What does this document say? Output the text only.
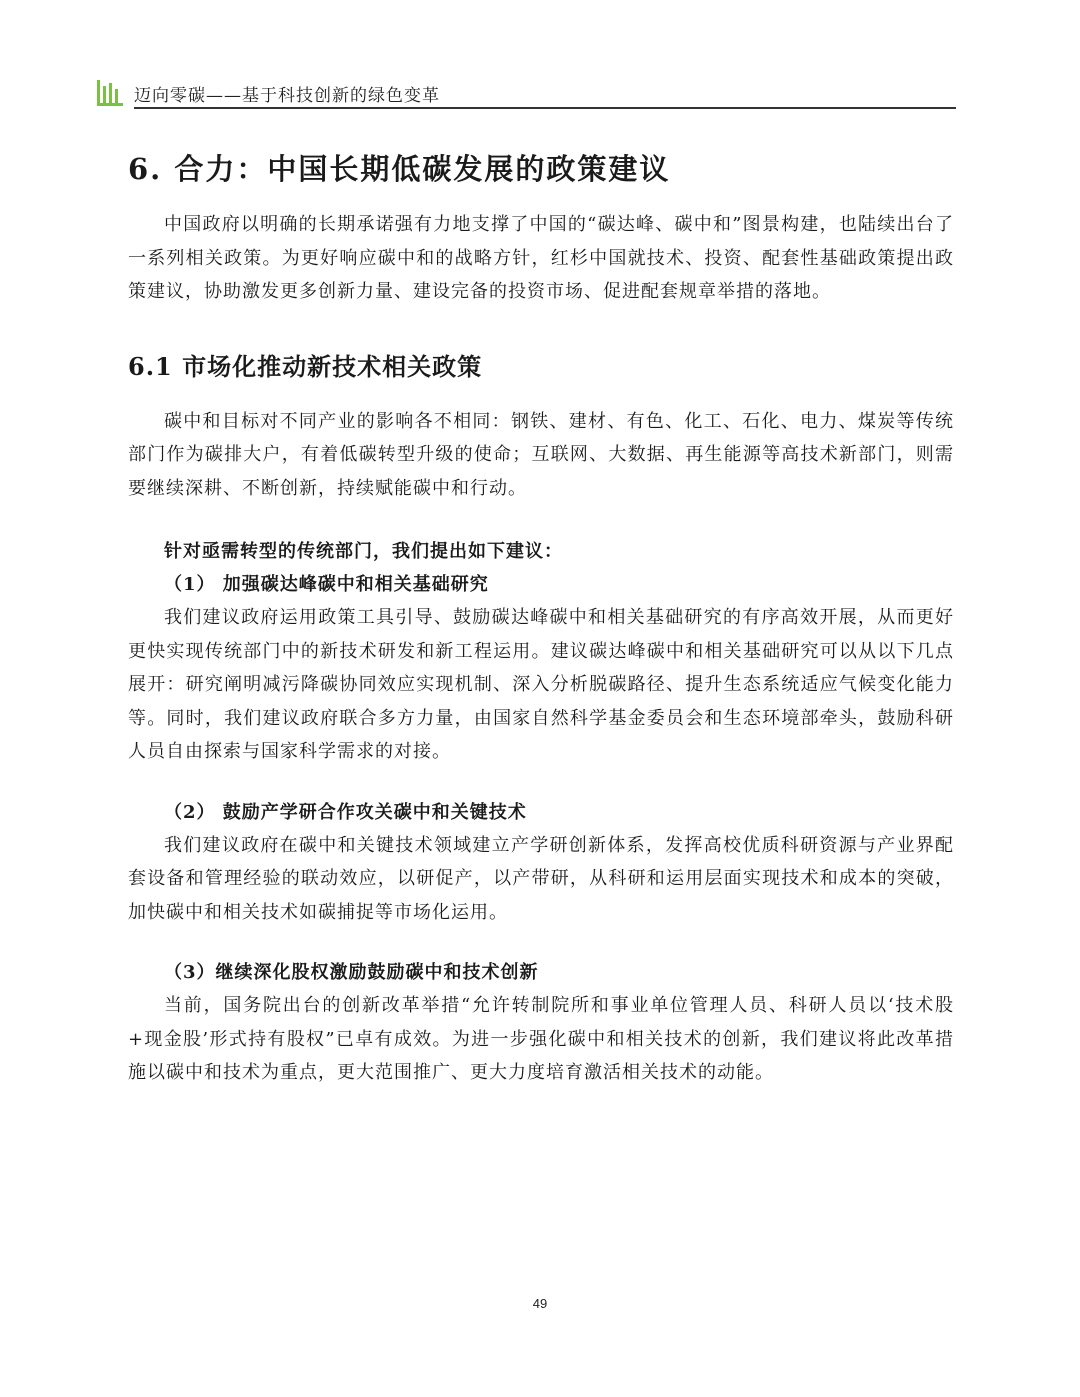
迈向零碳——基于科技创新的绿色变革
6. 合力：中国长期低碳发展的政策建议

中国政府以明确的长期承诺强有力地支撑了中国的“碳达峰、碳中和”图景构建，也陆续出台了一系列相关政策。为更好响应碳中和的战略方针，红杉中国就技术、投资、配套性基础政策提出政策建议，协助激发更多创新力量、建设完备的投资市场、促进配套规章举措的落地。

6.1 市场化推动新技术相关政策

碳中和目标对不同产业的影响各不相同：钢铁、建材、有色、化工、石化、电力、煤炭等传统部门作为碳排大户，有着低碳转型升级的使命；互联网、大数据、再生能源等高技术新部门，则需要继续深耕、不断创新，持续赋能碳中和行动。

针对亟需转型的传统部门，我们提出如下建议：
（1） 加强碳达峰碳中和相关基础研究

我们建议政府运用政策工具引导、鼓励碳达峰碳中和相关基础研究的有序高效开展，从而更好更快实现传统部门中的新技术研发和新工程运用。建议碳达峰碳中和相关基础研究可以从以下几点展开：研究阐明减污降碳协同效应实现机制、深入分析脱碳路径、提升生态系统适应气候变化能力等。同时，我们建议政府联合多方力量，由国家自然科学基金委员会和生态环境部牵头，鼓励科研人员自由探索与国家科学需求的对接。

（2） 鼓励产学研合作攻关碳中和关键技术

我们建议政府在碳中和关键技术领域建立产学研创新体系，发挥高校优质科研资源与产业界配套设备和管理经验的联动效应，以研促产，以产带研，从科研和运用层面实现技术和成本的突破，加快碳中和相关技术如碳捕捉等市场化运用。

（3）继续深化股权激励鼓励碳中和技术创新

当前，国务院出台的创新改革举措“允许转制院所和事业单位管理人员、科研人员以‘技术股+现金股’形式持有股权”已卓有成效。为进一步强化碳中和相关技术的创新，我们建议将此改革措施以碳中和技术为重点，更大范围推广、更大力度培育激活相关技术的动能。

49
